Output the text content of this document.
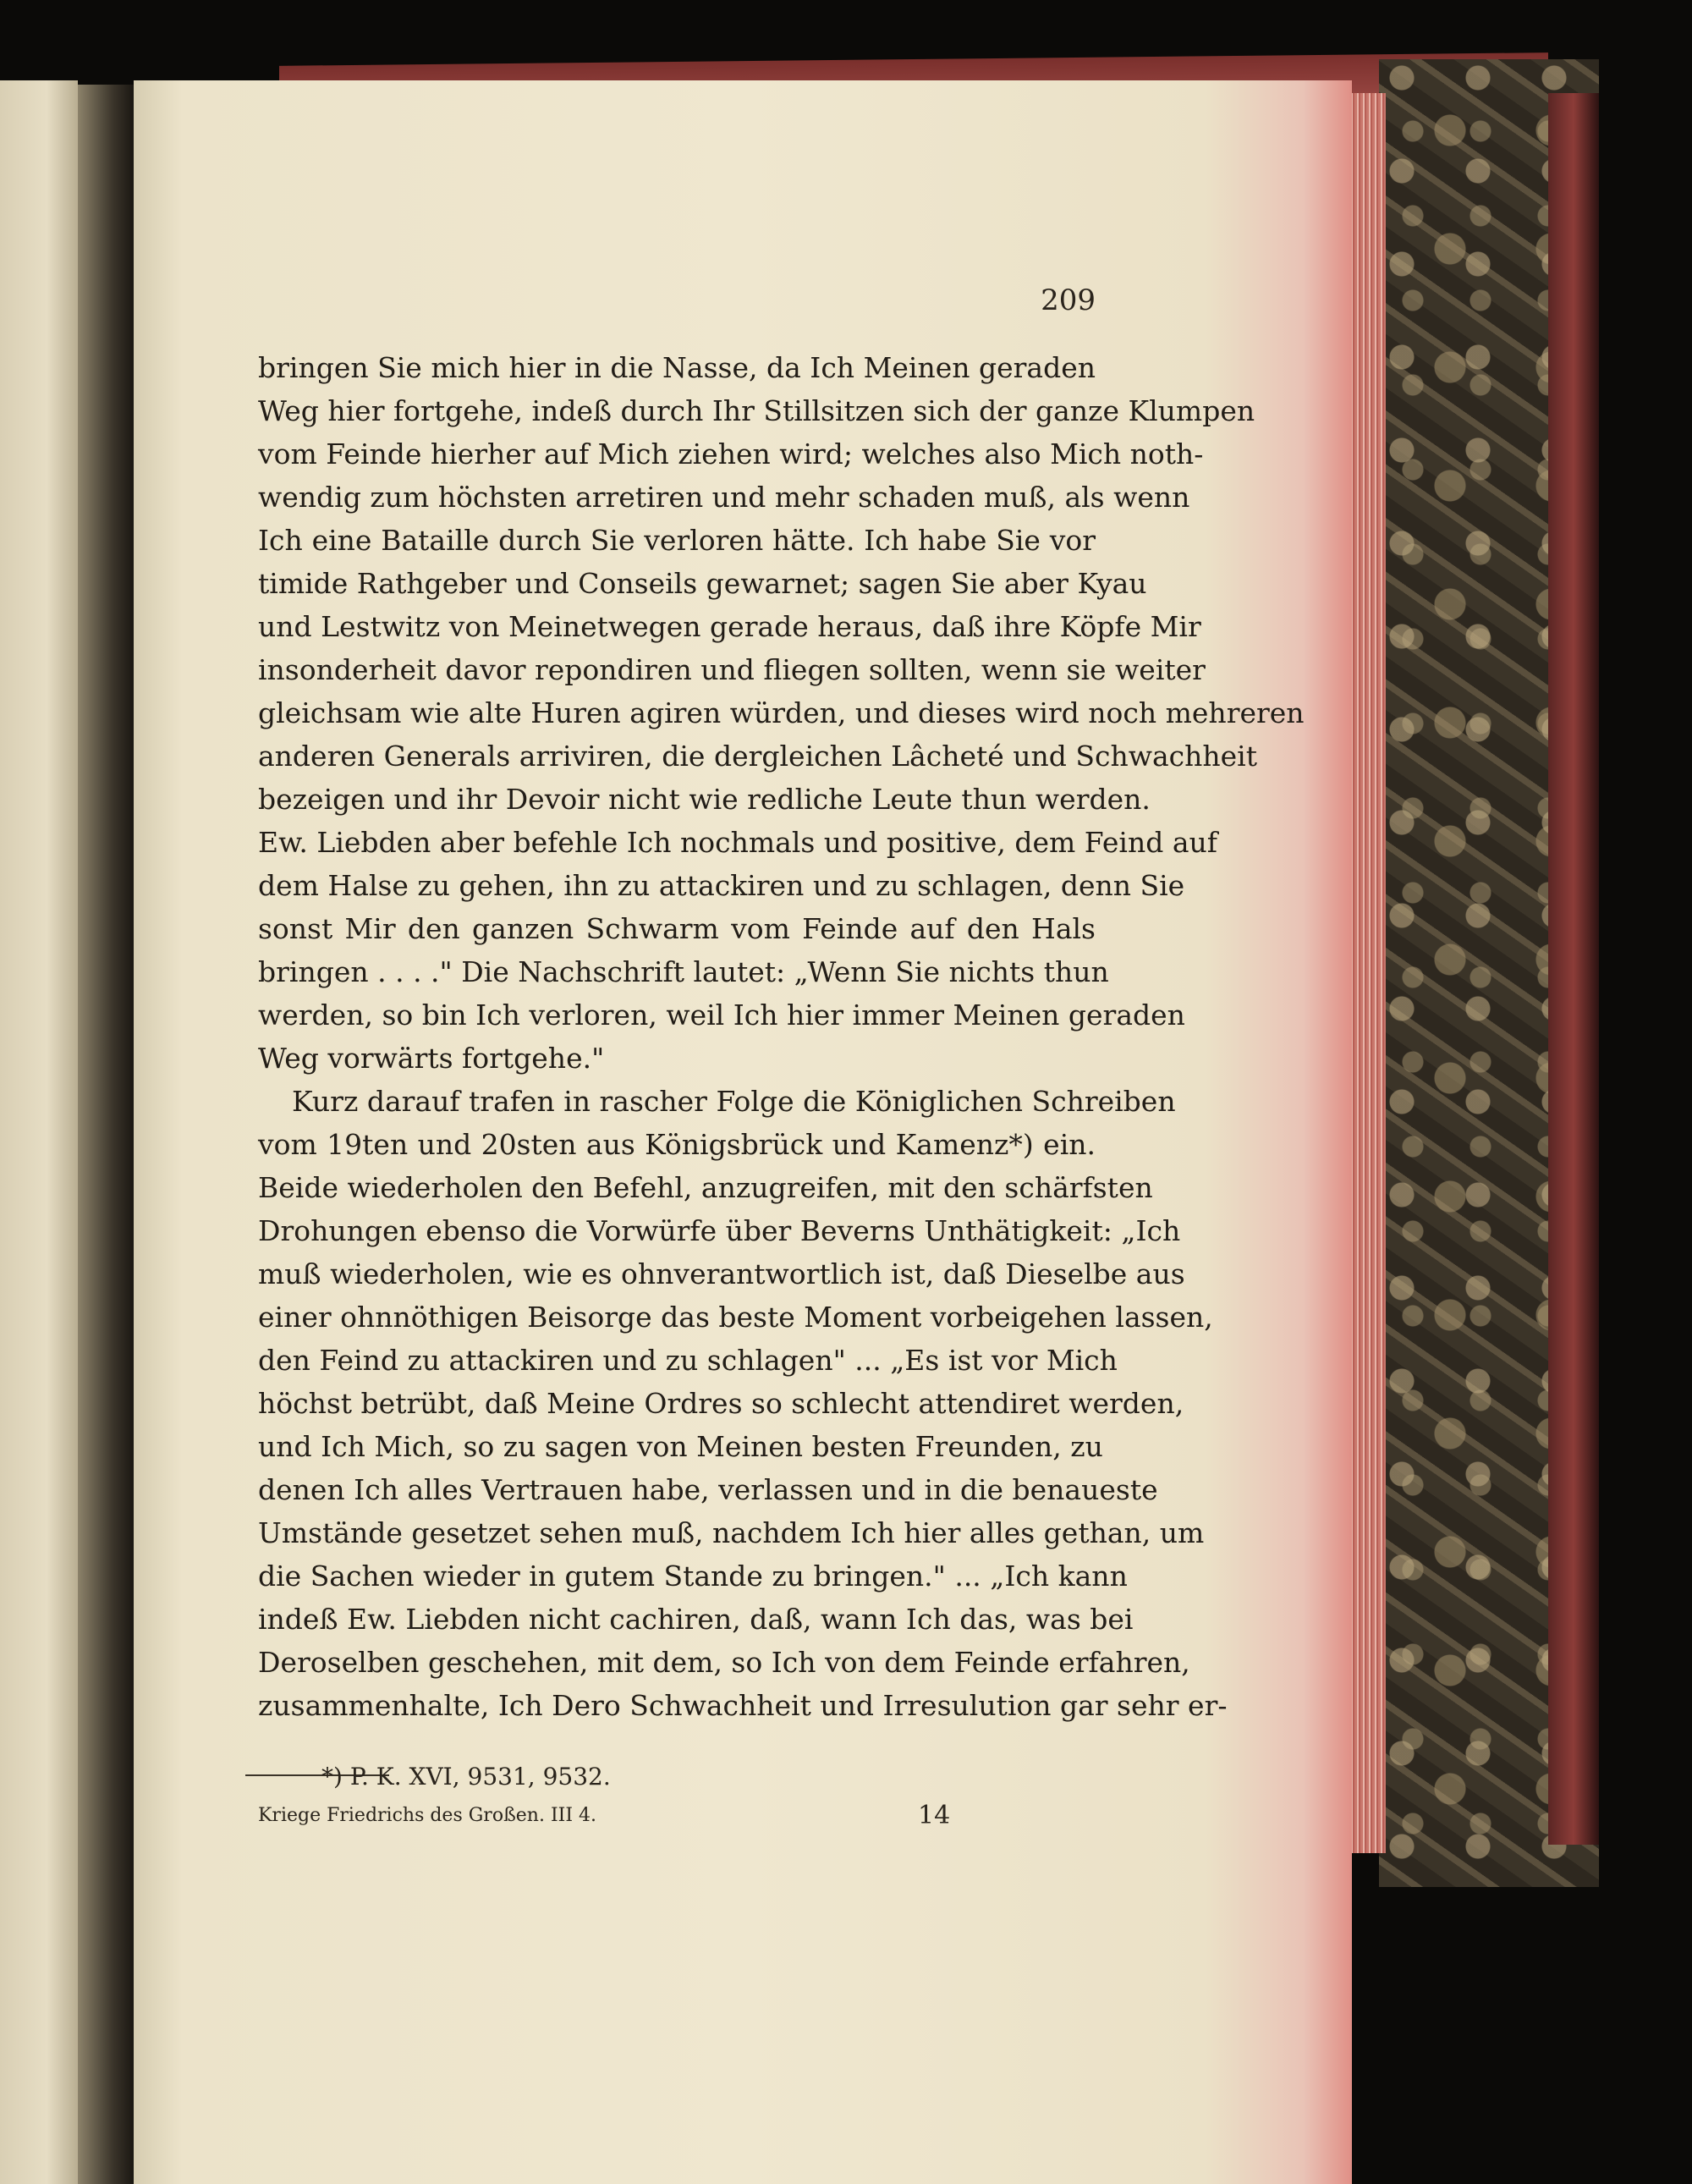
209
bringen Sie mich hier in die Nasse, da Ich Meinen geraden
Weg hier fortgehe, indeß durch Ihr Stillsitzen sich der ganze Klumpen
vom Feinde hierher auf Mich ziehen wird; welches also Mich noth-
wendig zum höchsten arretiren und mehr schaden muß, als wenn
Ich eine Bataille durch Sie verloren hätte. Ich habe Sie vor
timide Rathgeber und Conseils gewarnet; sagen Sie aber Kyau
und Lestwitz von Meinetwegen gerade heraus, daß ihre Köpfe Mir
insonderheit davor repondiren und fliegen sollten, wenn sie weiter
gleichsam wie alte Huren agiren würden, und dieses wird noch mehreren
anderen Generals arriviren, die dergleichen Lâcheté und Schwachheit
bezeigen und ihr Devoir nicht wie redliche Leute thun werden.
Ew. Liebden aber befehle Ich nochmals und positive, dem Feind auf
dem Halse zu gehen, ihn zu attackiren und zu schlagen, denn Sie
sonst Mir den ganzen Schwarm vom Feinde auf den Hals
bringen . . . ." Die Nachschrift lautet: „Wenn Sie nichts thun
werden, so bin Ich verloren, weil Ich hier immer Meinen geraden
Weg vorwärts fortgehe."
Kurz darauf trafen in rascher Folge die Königlichen Schreiben
vom 19ten und 20sten aus Königsbrück und Kamenz*) ein.
Beide wiederholen den Befehl, anzugreifen, mit den schärfsten
Drohungen ebenso die Vorwürfe über Beverns Unthätigkeit: „Ich
muß wiederholen, wie es ohnverantwortlich ist, daß Dieselbe aus
einer ohnnöthigen Beisorge das beste Moment vorbeigehen lassen,
den Feind zu attackiren und zu schlagen" ... „Es ist vor Mich
höchst betrübt, daß Meine Ordres so schlecht attendiret werden,
und Ich Mich, so zu sagen von Meinen besten Freunden, zu
denen Ich alles Vertrauen habe, verlassen und in die benaueste
Umstände gesetzet sehen muß, nachdem Ich hier alles gethan, um
die Sachen wieder in gutem Stande zu bringen." ... „Ich kann
indeß Ew. Liebden nicht cachiren, daß, wann Ich das, was bei
Deroselben geschehen, mit dem, so Ich von dem Feinde erfahren,
zusammenhalte, Ich Dero Schwachheit und Irresulution gar sehr er-
*) P. K. XVI, 9531, 9532.
Kriege Friedrichs des Großen. III 4.	14
